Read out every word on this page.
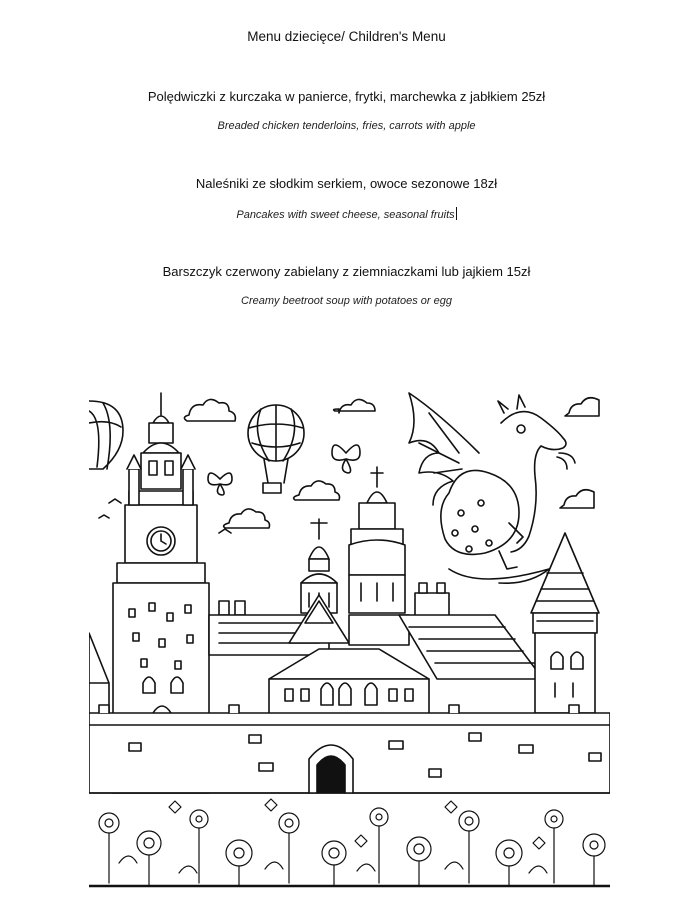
Menu dziecięce/ Children's Menu
Polędwiczki z kurczaka w panierce, frytki, marchewka z jabłkiem 25zł
Breaded chicken tenderloins, fries, carrots with apple
Naleśniki ze słodkim serkiem, owoce sezonowe 18zł
Pancakes with sweet cheese, seasonal fruits
Barszczyk czerwony zabielany z ziemniaczkami lub jajkiem 15zł
Creamy beetroot soup with potatoes or egg
